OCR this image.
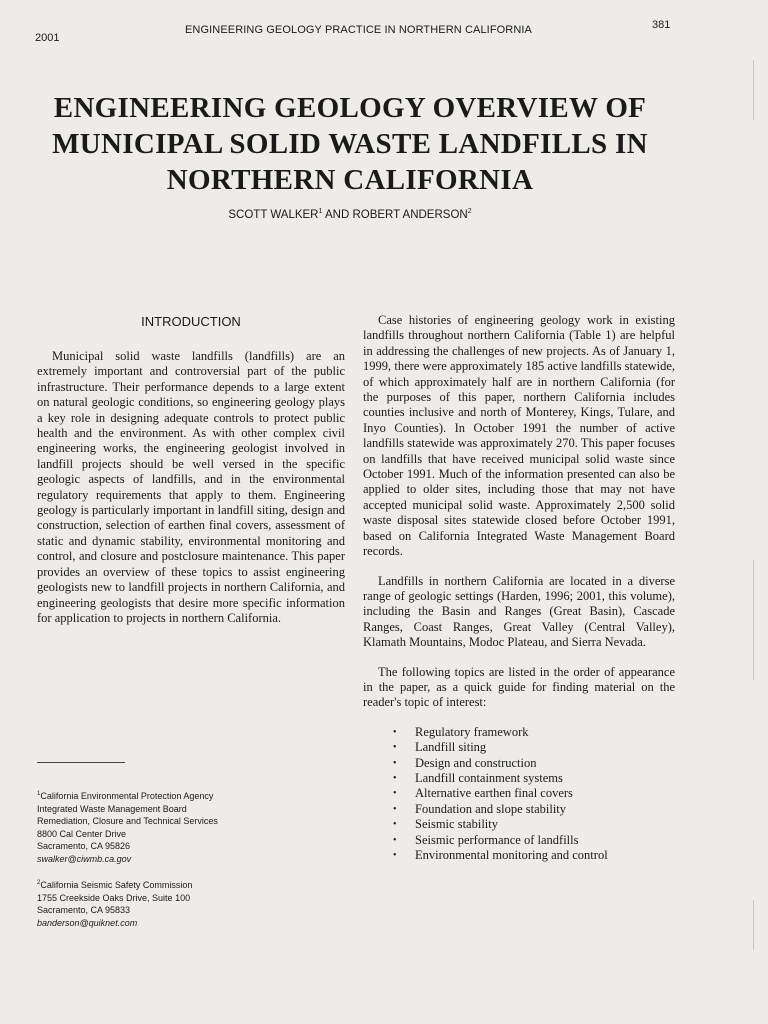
2001
ENGINEERING GEOLOGY PRACTICE IN NORTHERN CALIFORNIA	381
ENGINEERING GEOLOGY OVERVIEW OF
MUNICIPAL SOLID WASTE LANDFILLS IN
NORTHERN CALIFORNIA
SCOTT WALKER$^1$ AND ROBERT ANDERSON$^2$
INTRODUCTION

Municipal solid waste landfills (landfills) are an extremely important and controversial part of the public infrastructure. Their performance depends to a large extent on natural geologic conditions, so engineering geology plays a key role in designing adequate controls to protect public health and the environment. As with other complex civil engineering works, the engineering geologist involved in landfill projects should be well versed in the specific geologic aspects of landfills, and in the environmental regulatory requirements that apply to them. Engineering geology is particularly important in landfill siting, design and construction, selection of earthen final covers, assessment of static and dynamic stability, environmental monitoring and control, and closure and postclosure maintenance. This paper provides an overview of these topics to assist engineering geologists new to landfill projects in northern California, and engineering geologists that desire more specific information for application to projects in northern California.

Case histories of engineering geology work in existing landfills throughout northern California (Table 1) are helpful in addressing the challenges of new projects. As of January 1, 1999, there were approximately 185 active landfills statewide, of which approximately half are in northern California (for the purposes of this paper, northern California includes counties inclusive and north of Monterey, Kings, Tulare, and Inyo Counties). In October 1991 the number of active landfills statewide was approximately 270. This paper focuses on landfills that have received municipal solid waste since October 1991. Much of the information presented can also be applied to older sites, including those that may not have accepted municipal solid waste. Approximately 2,500 solid waste disposal sites statewide closed before October 1991, based on California Integrated Waste Management Board records.

Landfills in northern California are located in a diverse range of geologic settings (Harden, 1996; 2001, this volume), including the Basin and Ranges (Great Basin), Cascade Ranges, Coast Ranges, Great Valley (Central Valley), Klamath Mountains, Modoc Plateau, and Sierra Nevada.

The following topics are listed in the order of appearance in the paper, as a quick guide for finding material on the reader's topic of interest:

• Regulatory framework
• Landfill siting
• Design and construction
• Landfill containment systems
• Alternative earthen final covers
• Foundation and slope stability
• Seismic stability
• Seismic performance of landfills
• Environmental monitoring and control
$^1$California Environmental Protection Agency
Integrated Waste Management Board
Remediation, Closure and Technical Services
8800 Cal Center Drive
Sacramento, CA 95826
swalker@ciwmb.ca.gov
$^2$California Seismic Safety Commission
1755 Creekside Oaks Drive, Suite 100
Sacramento, CA 95833
banderson@quiknet.com
